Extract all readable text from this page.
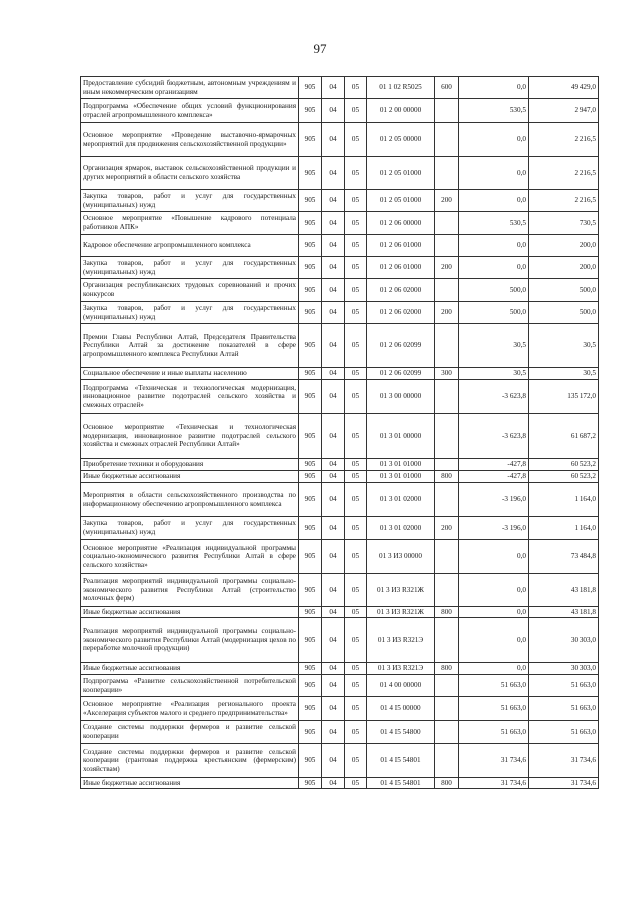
97
Предоставление субсидий бюджетным, автономным учреждениям и иным некоммерческим организациям	905	04	05	01 1 02 R5025	600	0,0	49 429,0
Подпрограмма «Обеспечение общих условий функционирования отраслей агропромышленного комплекса»	905	04	05	01 2 00 00000		530,5	2 947,0
Основное мероприятие «Проведение выставочно-ярмарочных мероприятий для продвижения сельскохозяйственной продукции»	905	04	05	01 2 05 00000		0,0	2 216,5
Организация ярмарок, выставок сельскохозяйственной продукции и других мероприятий в области сельского хозяйства	905	04	05	01 2 05 01000		0,0	2 216,5
Закупка товаров, работ и услуг для государственных (муниципальных) нужд	905	04	05	01 2 05 01000	200	0,0	2 216,5
Основное мероприятие «Повышение кадрового потенциала работников АПК»	905	04	05	01 2 06 00000		530,5	730,5
Кадровое обеспечение агропромышленного комплекса	905	04	05	01 2 06 01000		0,0	200,0
Закупка товаров, работ и услуг для государственных (муниципальных) нужд	905	04	05	01 2 06 01000	200	0,0	200,0
Организация республиканских трудовых соревнований и прочих конкурсов	905	04	05	01 2 06 02000		500,0	500,0
Закупка товаров, работ и услуг для государственных (муниципальных) нужд	905	04	05	01 2 06 02000	200	500,0	500,0
Премии Главы Республики Алтай, Председателя Правительства Республики Алтай за достижение показателей в сфере агропромышленного комплекса Республики Алтай	905	04	05	01 2 06 02099		30,5	30,5
Социальное обеспечение и иные выплаты населению	905	04	05	01 2 06 02099	300	30,5	30,5
Подпрограмма «Техническая и технологическая модернизация, инновационное развитие подотраслей сельского хозяйства и смежных отраслей»	905	04	05	01 3 00 00000		-3 623,8	135 172,0
Основное мероприятие «Техническая и технологическая модернизация, инновационное развитие подотраслей сельского хозяйства и смежных отраслей Республики Алтай»	905	04	05	01 3 01 00000		-3 623,8	61 687,2
Приобретение техники и оборудования	905	04	05	01 3 01 01000		-427,8	60 523,2
Иные бюджетные ассигнования	905	04	05	01 3 01 01000	800	-427,8	60 523,2
Мероприятия в области сельскохозяйственного производства по информационному обеспечению агропромышленного комплекса	905	04	05	01 3 01 02000		-3 196,0	1 164,0
Закупка товаров, работ и услуг для государственных (муниципальных) нужд	905	04	05	01 3 01 02000	200	-3 196,0	1 164,0
Основное мероприятие «Реализация индивидуальной программы социально-экономического развития Республики Алтай в сфере сельского хозяйства»	905	04	05	01 3 И3 00000		0,0	73 484,8
Реализация мероприятий индивидуальной программы социально-экономического развития Республики Алтай (строительство молочных ферм)	905	04	05	01 3 И3 R321Ж		0,0	43 181,8
Иные бюджетные ассигнования	905	04	05	01 3 И3 R321Ж	800	0,0	43 181,8
Реализация мероприятий индивидуальной программы социально-экономического развития Республики Алтай (модернизация цехов по переработке молочной продукции)	905	04	05	01 3 И3 R321Э		0,0	30 303,0
Иные бюджетные ассигнования	905	04	05	01 3 И3 R321Э	800	0,0	30 303,0
Подпрограмма «Развитие сельскохозяйственной потребительской кооперации»	905	04	05	01 4 00 00000		51 663,0	51 663,0
Основное мероприятие «Реализация регионального проекта «Акселерация субъектов малого и среднего предпринимательства»	905	04	05	01 4 I5 00000		51 663,0	51 663,0
Создание системы поддержки фермеров и развитие сельской кооперации	905	04	05	01 4 I5 54800		51 663,0	51 663,0
Создание системы поддержки фермеров и развитие сельской кооперации (грантовая поддержка крестьянским (фермерским) хозяйствам)	905	04	05	01 4 I5 54801		31 734,6	31 734,6
Иные бюджетные ассигнования	905	04	05	01 4 I5 54801	800	31 734,6	31 734,6
